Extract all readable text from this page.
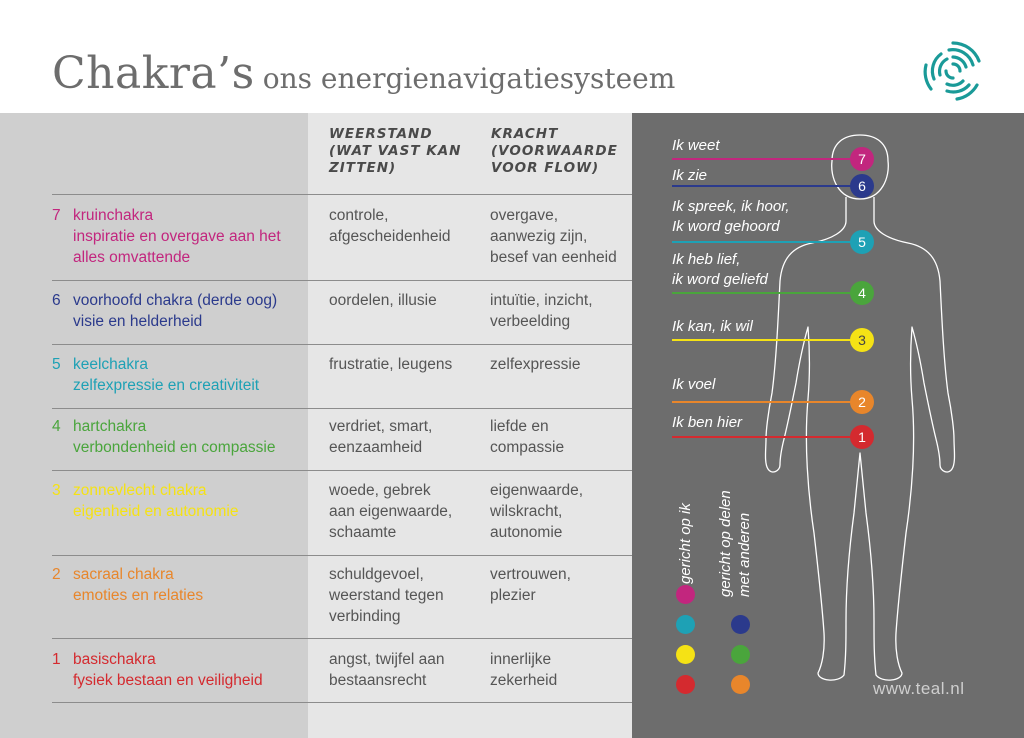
Chakra’s ons energienavigatiesysteem
WEERSTAND
(WAT VAST KAN
ZITTEN)
KRACHT
(VOORWAARDE
VOOR FLOW)
7 kruinchakra
inspiratie en overgave aan het
alles omvattende
controle,
afgescheidenheid
overgave,
aanwezig zijn,
besef van eenheid
6 voorhoofd chakra (derde oog)
visie en helderheid
oordelen, illusie	intuïtie, inzicht,
verbeelding
5 keelchakra
zelfexpressie en creativiteit
frustratie, leugens	zelfexpressie
4 hartchakra
verbondenheid en compassie
verdriet, smart,
eenzaamheid
liefde en
compassie
3 zonnevlecht chakra
eigenheid en autonomie
woede, gebrek
aan eigenwaarde,
schaamte
eigenwaarde,
wilskracht,
autonomie
2 sacraal chakra
emoties en relaties
schuldgevoel,
weerstand tegen
verbinding
vertrouwen,
plezier
1 basischakra
fysiek bestaan en veiligheid
angst, twijfel aan
bestaansrecht
innerlijke
zekerheid
Ik weet
7
Ik zie
6
Ik spreek, ik hoor,
Ik word gehoord
5
Ik heb lief,
ik word geliefd
4
Ik kan, ik wil
3
Ik voel
2
Ik ben hier
1
gericht op ik gericht op delen met anderen
www.teal.nl
